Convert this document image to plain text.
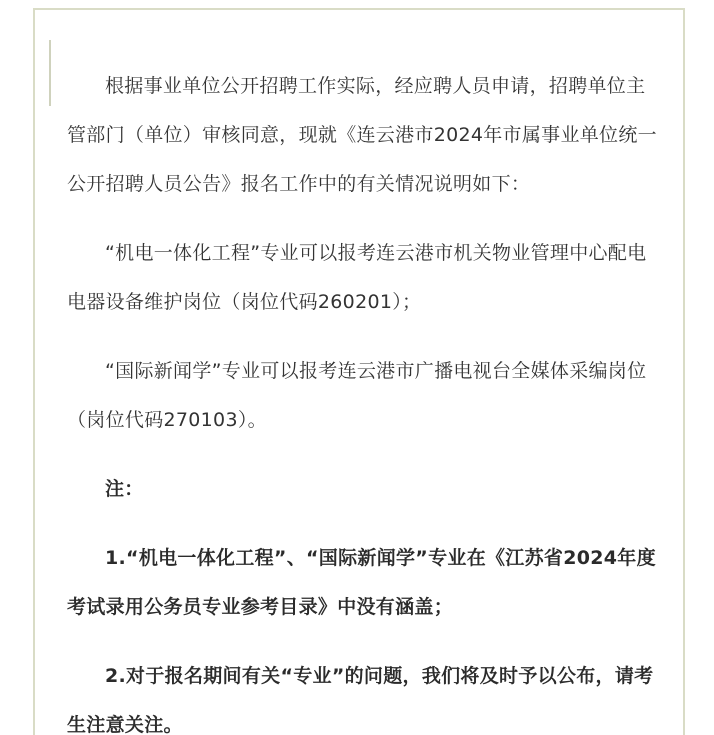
根据事业单位公开招聘工作实际，经应聘人员申请，招聘单位主管部门（单位）审核同意，现就《连云港市2024年市属事业单位统一公开招聘人员公告》报名工作中的有关情况说明如下：

“机电一体化工程”专业可以报考连云港市机关物业管理中心配电电器设备维护岗位（岗位代码260201）；

“国际新闻学”专业可以报考连云港市广播电视台全媒体采编岗位（岗位代码270103）。

注：

1.“机电一体化工程”、“国际新闻学”专业在《江苏省2024年度考试录用公务员专业参考目录》中没有涵盖；

2.对于报名期间有关“专业”的问题，我们将及时予以公布，请考生注意关注。
